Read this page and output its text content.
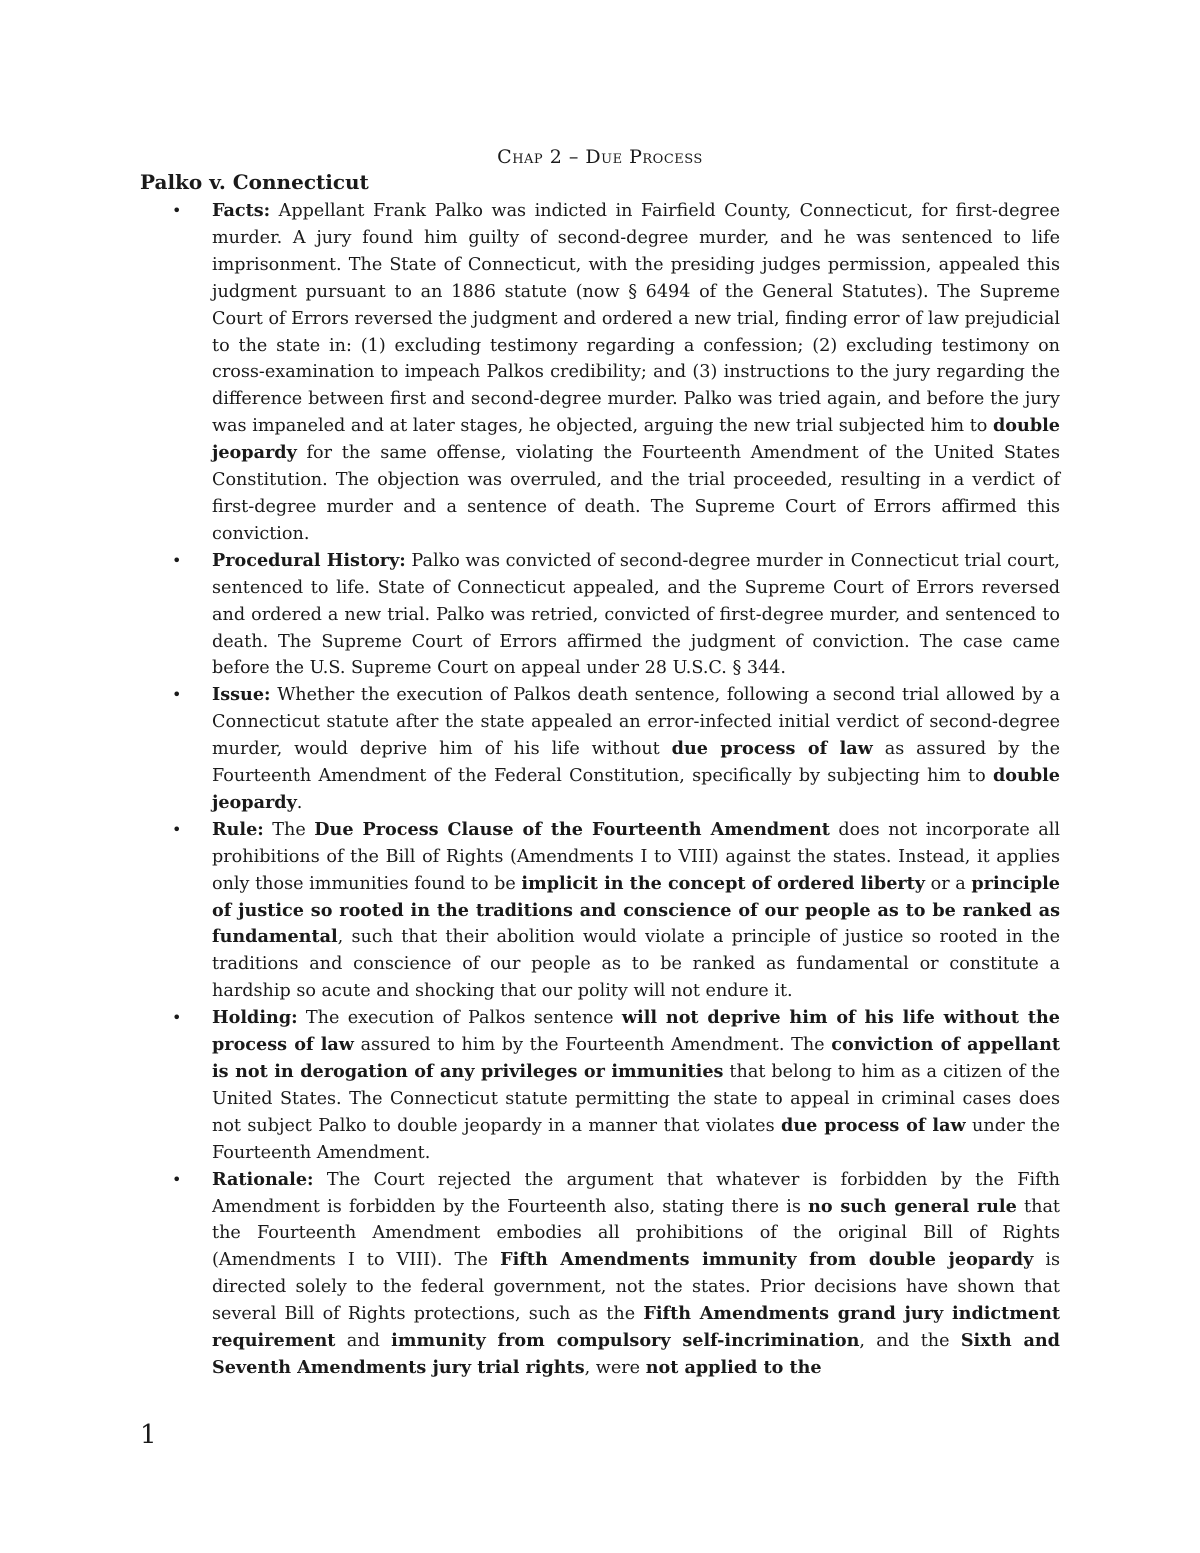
Chap 2 – Due Process
Palko v. Connecticut
• Facts: Appellant Frank Palko was indicted in Fairfield County, Connecticut, for first-degree murder. A jury found him guilty of second-degree murder, and he was sentenced to life imprisonment. The State of Connecticut, with the presiding judges permission, appealed this judgment pursuant to an 1886 statute (now § 6494 of the General Statutes). The Supreme Court of Errors reversed the judgment and ordered a new trial, finding error of law prejudicial to the state in: (1) excluding testimony regarding a confession; (2) excluding testimony on cross-examination to impeach Palkos credibility; and (3) instructions to the jury regarding the difference between first and second-degree murder. Palko was tried again, and before the jury was impaneled and at later stages, he objected, arguing the new trial subjected him to double jeopardy for the same offense, violating the Fourteenth Amendment of the United States Constitution. The objection was overruled, and the trial proceeded, resulting in a verdict of first-degree murder and a sentence of death. The Supreme Court of Errors affirmed this conviction.
• Procedural History: Palko was convicted of second-degree murder in Connecticut trial court, sentenced to life. State of Connecticut appealed, and the Supreme Court of Errors reversed and ordered a new trial. Palko was retried, convicted of first-degree murder, and sentenced to death. The Supreme Court of Errors affirmed the judgment of conviction. The case came before the U.S. Supreme Court on appeal under 28 U.S.C. § 344.
• Issue: Whether the execution of Palkos death sentence, following a second trial allowed by a Connecticut statute after the state appealed an error-infected initial verdict of second-degree murder, would deprive him of his life without due process of law as assured by the Fourteenth Amendment of the Federal Constitution, specifically by subjecting him to double jeopardy.
• Rule: The Due Process Clause of the Fourteenth Amendment does not incorporate all prohibitions of the Bill of Rights (Amendments I to VIII) against the states. Instead, it applies only those immunities found to be implicit in the concept of ordered liberty or a principle of justice so rooted in the traditions and conscience of our people as to be ranked as fundamental, such that their abolition would violate a principle of justice so rooted in the traditions and conscience of our people as to be ranked as fundamental or constitute a hardship so acute and shocking that our polity will not endure it.
• Holding: The execution of Palkos sentence will not deprive him of his life without the process of law assured to him by the Fourteenth Amendment. The conviction of appellant is not in derogation of any privileges or immunities that belong to him as a citizen of the United States. The Connecticut statute permitting the state to appeal in criminal cases does not subject Palko to double jeopardy in a manner that violates due process of law under the Fourteenth Amendment.
• Rationale: The Court rejected the argument that whatever is forbidden by the Fifth Amendment is forbidden by the Fourteenth also, stating there is no such general rule that the Fourteenth Amendment embodies all prohibitions of the original Bill of Rights (Amendments I to VIII). The Fifth Amendments immunity from double jeopardy is directed solely to the federal government, not the states. Prior decisions have shown that several Bill of Rights protections, such as the Fifth Amendments grand jury indictment requirement and immunity from compulsory self-incrimination, and the Sixth and Seventh Amendments jury trial rights, were not applied to the

1
